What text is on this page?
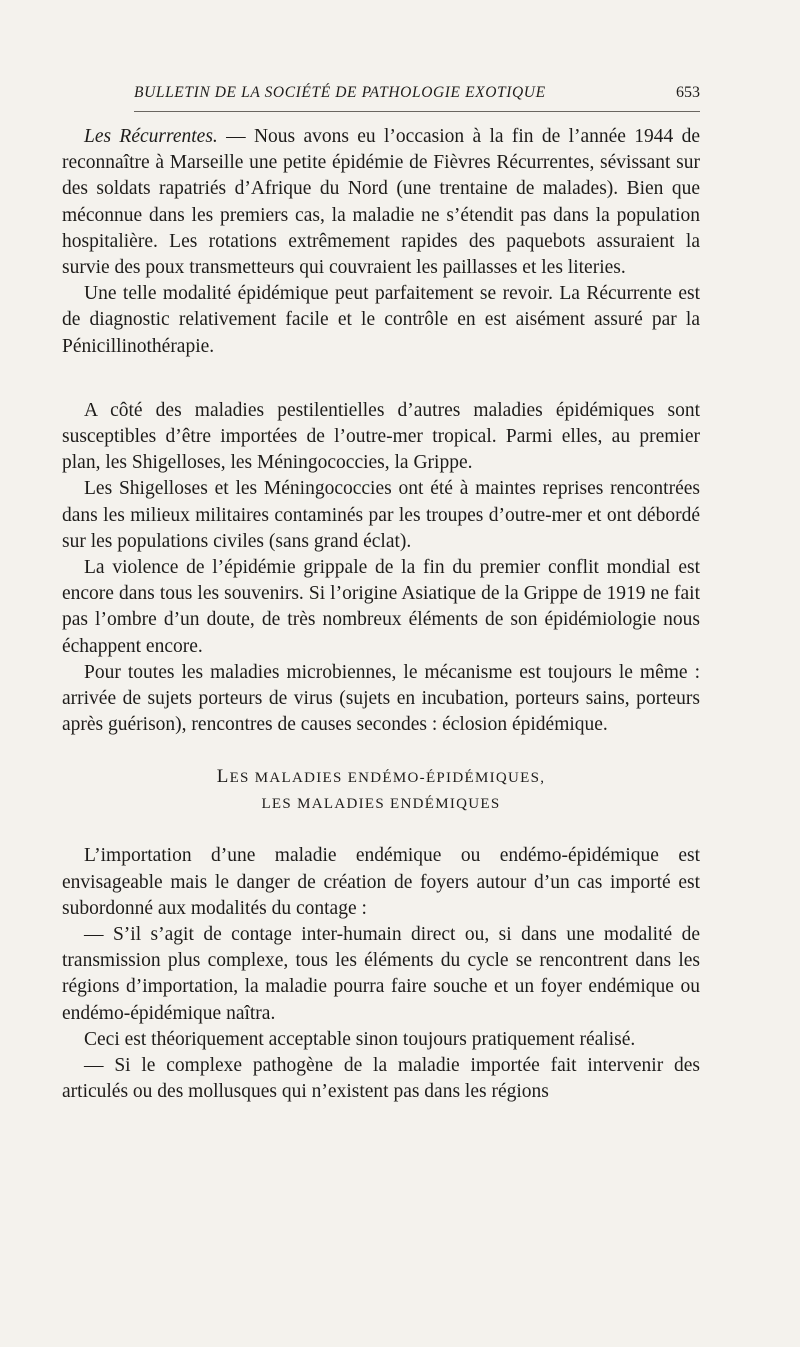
BULLETIN DE LA SOCIÉTÉ DE PATHOLOGIE EXOTIQUE	653

Les Récurrentes. — Nous avons eu l’occasion à la fin de l’année 1944 de reconnaître à Marseille une petite épidémie de Fièvres Récurrentes, sévissant sur des soldats rapatriés d’Afrique du Nord (une trentaine de malades). Bien que méconnue dans les premiers cas, la maladie ne s’étendit pas dans la population hospitalière. Les rotations extrêmement rapides des paquebots assuraient la survie des poux transmetteurs qui couvraient les paillasses et les literies.

Une telle modalité épidémique peut parfaitement se revoir. La Récurrente est de diagnostic relativement facile et le contrôle en est aisément assuré par la Pénicillinothérapie.

A côté des maladies pestilentielles d’autres maladies épidémiques sont susceptibles d’être importées de l’outre-mer tropical. Parmi elles, au premier plan, les Shigelloses, les Méningococcies, la Grippe.

Les Shigelloses et les Méningococcies ont été à maintes reprises rencontrées dans les milieux militaires contaminés par les troupes d’outre-mer et ont débordé sur les populations civiles (sans grand éclat).

La violence de l’épidémie grippale de la fin du premier conflit mondial est encore dans tous les souvenirs. Si l’origine Asiatique de la Grippe de 1919 ne fait pas l’ombre d’un doute, de très nombreux éléments de son épidémiologie nous échappent encore.

Pour toutes les maladies microbiennes, le mécanisme est toujours le même : arrivée de sujets porteurs de virus (sujets en incubation, porteurs sains, porteurs après guérison), rencontres de causes secondes : éclosion épidémique.

LES MALADIES ENDÉMO-ÉPIDÉMIQUES,
LES MALADIES ENDÉMIQUES

L’importation d’une maladie endémique ou endémo-épidémique est envisageable mais le danger de création de foyers autour d’un cas importé est subordonné aux modalités du contage :

— S’il s’agit de contage inter-humain direct ou, si dans une modalité de transmission plus complexe, tous les éléments du cycle se rencontrent dans les régions d’importation, la maladie pourra faire souche et un foyer endémique ou endémo-épidémique naîtra.

Ceci est théoriquement acceptable sinon toujours pratiquement réalisé.

— Si le complexe pathogène de la maladie importée fait intervenir des articulés ou des mollusques qui n’existent pas dans les régions
